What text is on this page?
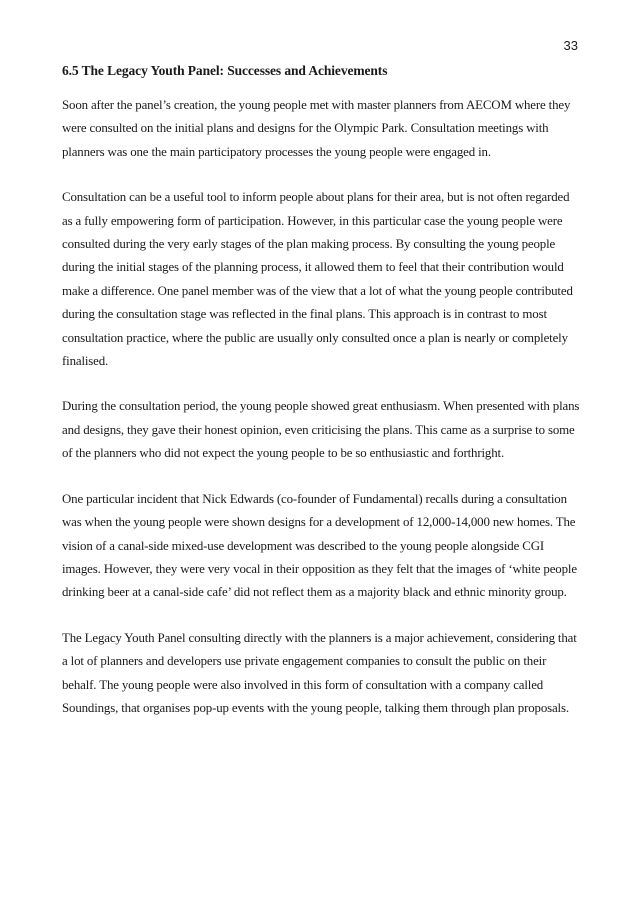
33
6.5 The Legacy Youth Panel: Successes and Achievements

Soon after the panel’s creation, the young people met with master planners from AECOM where they were consulted on the initial plans and designs for the Olympic Park. Consultation meetings with planners was one the main participatory processes the young people were engaged in.

Consultation can be a useful tool to inform people about plans for their area, but is not often regarded as a fully empowering form of participation. However, in this particular case the young people were consulted during the very early stages of the plan making process. By consulting the young people during the initial stages of the planning process, it allowed them to feel that their contribution would make a difference. One panel member was of the view that a lot of what the young people contributed during the consultation stage was reflected in the final plans. This approach is in contrast to most consultation practice, where the public are usually only consulted once a plan is nearly or completely finalised.

During the consultation period, the young people showed great enthusiasm. When presented with plans and designs, they gave their honest opinion, even criticising the plans. This came as a surprise to some of the planners who did not expect the young people to be so enthusiastic and forthright.

One particular incident that Nick Edwards (co-founder of Fundamental) recalls during a consultation was when the young people were shown designs for a development of 12,000-14,000 new homes. The vision of a canal-side mixed-use development was described to the young people alongside CGI images. However, they were very vocal in their opposition as they felt that the images of ‘white people drinking beer at a canal-side cafe’ did not reflect them as a majority black and ethnic minority group.

The Legacy Youth Panel consulting directly with the planners is a major achievement, considering that a lot of planners and developers use private engagement companies to consult the public on their behalf. The young people were also involved in this form of consultation with a company called Soundings, that organises pop-up events with the young people, talking them through plan proposals.
